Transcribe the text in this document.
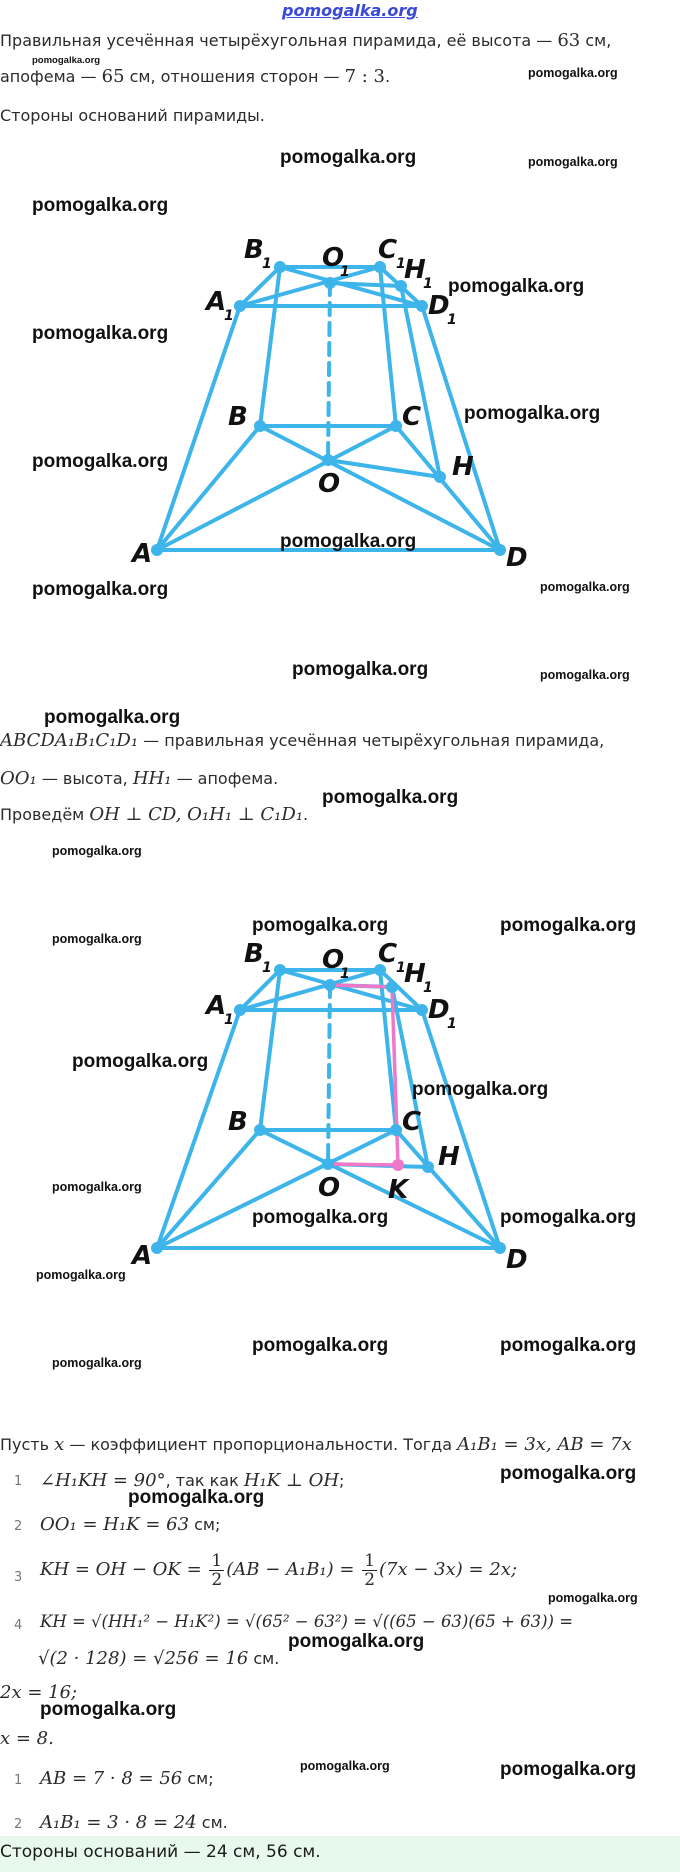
pomogalka.org
Правильная усечённая четырёхугольная пирамида, её высота — 63 см,
апофема — 65 см, отношения сторон — 7 : 3.
Стороны оснований пирамиды.
B
1 O
1
C
1
H
1
A
1	D
1
B	C
H
O
A	D
ABCDA₁B₁C₁D₁ — правильная усечённая четырёхугольная пирамида,
OO₁ — высота, HH₁ — апофема.
Проведём OH ⊥ CD, O₁H₁ ⊥ C₁D₁.
B
1 O
1
C
1
H
1
A
1	D
1
B	C
H
O K
A	D
Пусть x — коэффициент пропорциональности. Тогда A₁B₁ = 3x, AB = 7x
1 ∠H₁KH = 90°, так как H₁K ⊥ OH;
2 OO₁ = H₁K = 63 см;
3 KH = OH − OK = $\frac{1}{2} (AB - A_1B_1) = \frac{1}{2} (7x - 3x) = 2x$;
4 KH = √(HH₁² − H₁K²) = √(65² − 63²) = √((65 − 63)(65 + 63)) =
√(2 · 128) = √256 = 16 см.
2x = 16;
x = 8.
1 AB = 7 · 8 = 56 см;
2 A₁B₁ = 3 · 8 = 24 см.
Стороны оснований — 24 см, 56 см.
pomogalka.org
pomogalka.org
pomogalka.org	pomogalka.org
pomogalka.org
pomogalka.org
pomogalka.org
pomogalka.org
pomogalka.org
pomogalka.org
pomogalka.org	pomogalka.org
pomogalka.org	pomogalka.org
pomogalka.org
pomogalka.org
pomogalka.org
pomogalka.org	pomogalka.org
pomogalka.org
pomogalka.org
pomogalka.org
pomogalka.org
pomogalka.org	pomogalka.org
pomogalka.org
pomogalka.org
pomogalka.org	pomogalka.org
pomogalka.org
pomogalka.org
pomogalka.org
pomogalka.org
pomogalka.org
pomogalka.org	pomogalka.org
